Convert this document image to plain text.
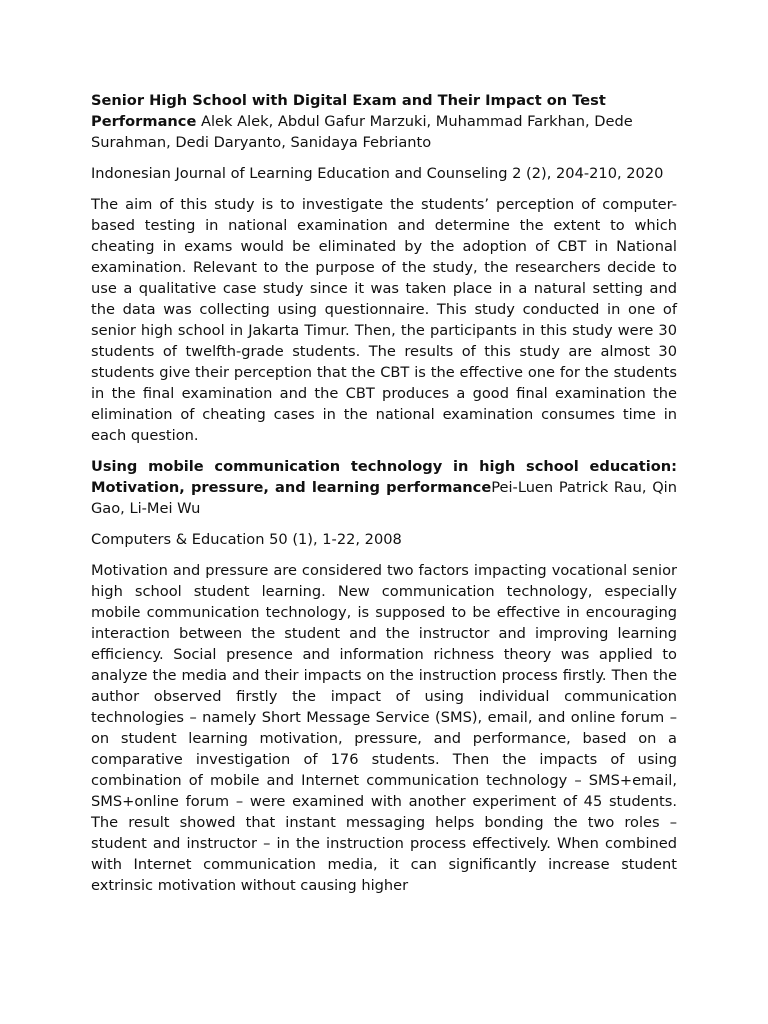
Senior High School with Digital Exam and Their Impact on Test Performance Alek Alek, Abdul Gafur Marzuki, Muhammad Farkhan, Dede Surahman, Dedi Daryanto, Sanidaya Febrianto

Indonesian Journal of Learning Education and Counseling 2 (2), 204-210, 2020

The aim of this study is to investigate the students’ perception of computer-based testing in national examination and determine the extent to which cheating in exams would be eliminated by the adoption of CBT in National examination. Relevant to the purpose of the study, the researchers decide to use a qualitative case study since it was taken place in a natural setting and the data was collecting using questionnaire. This study conducted in one of senior high school in Jakarta Timur. Then, the participants in this study were 30 students of twelfth-grade students. The results of this study are almost 30 students give their perception that the CBT is the effective one for the students in the final examination and the CBT produces a good final examination the elimination of cheating cases in the national examination consumes time in each question.

Using mobile communication technology in high school education: Motivation, pressure, and learning performancePei-Luen Patrick Rau, Qin Gao, Li-Mei Wu

Computers & Education 50 (1), 1-22, 2008

Motivation and pressure are considered two factors impacting vocational senior high school student learning. New communication technology, especially mobile communication technology, is supposed to be effective in encouraging interaction between the student and the instructor and improving learning efficiency. Social presence and information richness theory was applied to analyze the media and their impacts on the instruction process firstly. Then the author observed firstly the impact of using individual communication technologies – namely Short Message Service (SMS), email, and online forum – on student learning motivation, pressure, and performance, based on a comparative investigation of 176 students. Then the impacts of using combination of mobile and Internet communication technology – SMS+email, SMS+online forum – were examined with another experiment of 45 students. The result showed that instant messaging helps bonding the two roles – student and instructor – in the instruction process effectively. When combined with Internet communication media, it can significantly increase student extrinsic motivation without causing higher
